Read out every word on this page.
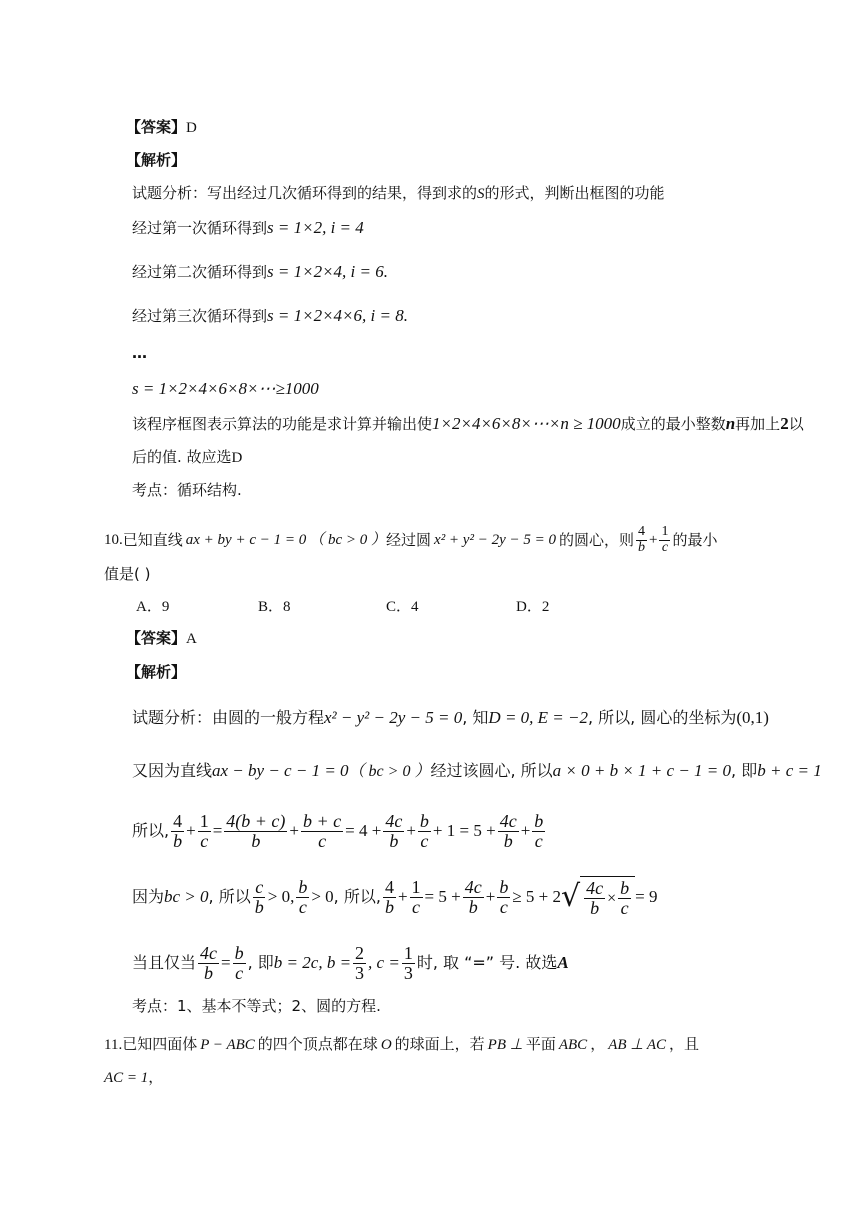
【答案】D
【解析】
试题分析：写出经过几次循环得到的结果，得到求的S的形式，判断出框图的功能
经过第一次循环得到s = 1×2, i = 4
经过第二次循环得到s = 1×2×4, i = 6.
经过第三次循环得到s = 1×2×4×6, i = 8.
…
s = 1×2×4×6×8×⋯≥1000
该程序框图表示算法的功能是求计算并输出使1×2×4×6×8×⋯×n ≥ 1000成立的最小整数n再加上2以
后的值. 故应选D
考点：循环结构.
10. 已知直线 ax + by + c − 1 = 0 （ bc > 0 ） 经过圆 x² + y² − 2y − 5 = 0 的圆心，则 $\frac{4}{b} + \frac{1}{c}$ 的最小
值是( )
A．9	B．8	C．4	D．2
【答案】A
【解析】
试题分析：由圆的一般方程x² − y² − 2y − 5 = 0, 知D = 0, E = −2, 所以, 圆心的坐标为(0,1)
又因为直线ax − by − c − 1 = 0（ bc > 0 ）经过该圆心, 所以a × 0 + b × 1 + c − 1 = 0, 即b + c = 1
所以, $\frac{4}{b} + \frac{1}{c} = \frac{4(b + c)}{b} + \frac{b + c}{c} = 4 + \frac{4c}{b} + \frac{b}{c} + 1 = 5 + \frac{4c}{b} + \frac{b}{c}$
因为 bc > 0 , 所以 $\frac{c}{b} > 0$, $\frac{b}{c} > 0$ , 所以, $\frac{4}{b} + \frac{1}{c} = 5 + \frac{4c}{b} + \frac{b}{c} \ge 5 + 2$ √ $\frac{4c}{b} \times \frac{b}{c} = 9$
当且仅当 $\frac{4c}{b} = \frac{b}{c}$ , 即 b = 2c, $b = \frac{2}{3}$ , $c = \frac{1}{3}$ 时, 取 “=” 号. 故选 A
考点：1、基本不等式；2、圆的方程.
11.已知四面体 P − ABC 的四个顶点都在球 O 的球面上，若 PB ⊥ 平面 ABC ， AB ⊥ AC ，且
AC = 1，
